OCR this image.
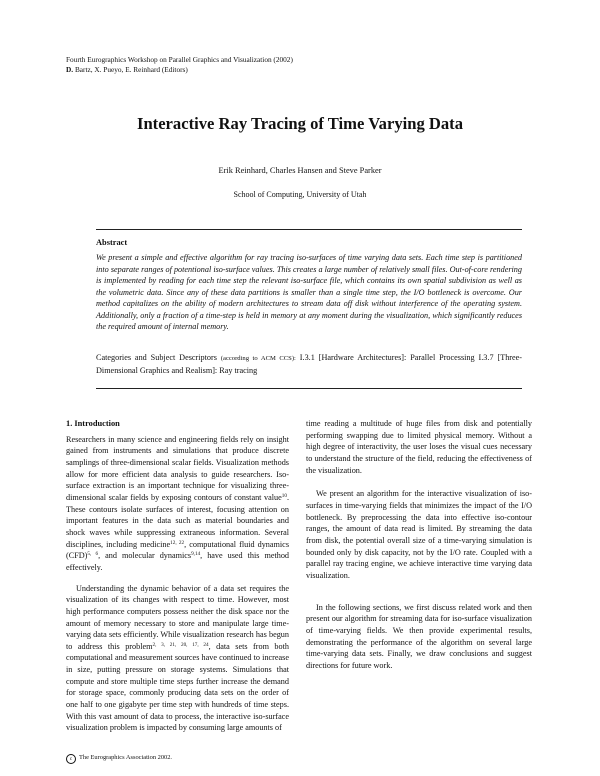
Fourth Eurographics Workshop on Parallel Graphics and Visualization (2002)
D. Bartz, X. Pueyo, E. Reinhard (Editors)
Interactive Ray Tracing of Time Varying Data
Erik Reinhard, Charles Hansen and Steve Parker
School of Computing, University of Utah
Abstract
We present a simple and effective algorithm for ray tracing iso-surfaces of time varying data sets. Each time step is partitioned into separate ranges of potentional iso-surface values. This creates a large number of relatively small files. Out-of-core rendering is implemented by reading for each time step the relevant iso-surface file, which contains its own spatial subdivision as well as the volumetric data. Since any of these data partitions is smaller than a single time step, the I/O bottleneck is overcome. Our method capitalizes on the ability of modern architectures to stream data off disk without interference of the operating system. Additionally, only a fraction of a time-step is held in memory at any moment during the visualization, which significantly reduces the required amount of internal memory.
Categories and Subject Descriptors (according to ACM CCS): I.3.1 [Hardware Architectures]: Parallel Processing I.3.7 [Three-Dimensional Graphics and Realism]: Ray tracing
1. Introduction

Researchers in many science and engineering fields rely on insight gained from instruments and simulations that produce discrete samplings of three-dimensional scalar fields. Visualization methods allow for more efficient data analysis to guide researchers. Iso-surface extraction is an important technique for visualizing three-dimensional scalar fields by exposing contours of constant value$^{10}$. These contours isolate surfaces of interest, focusing attention on important features in the data such as material boundaries and shock waves while suppressing extraneous information. Several disciplines, including medicine$^{12, 22}$, computational fluid dynamics (CFD)$^{5, 6}$, and molecular dynamics$^{9,14}$, have used this method effectively.

Understanding the dynamic behavior of a data set requires the visualization of its changes with respect to time. However, most high performance computers possess neither the disk space nor the amount of memory necessary to store and manipulate large time-varying data sets efficiently. While visualization research has begun to address this problem$^{2, 3, 21, 20, 17, 24}$, data sets from both computational and measurement sources have continued to increase in size, putting pressure on storage systems. Simulations that compute and store multiple time steps further increase the demand for storage space, commonly producing data sets on the order of one half to one gigabyte per time step with hundreds of time steps. With this vast amount of data to process, the interactive iso-surface visualization problem is impacted by consuming large amounts of

time reading a multitude of huge files from disk and potentially performing swapping due to limited physical memory. Without a high degree of interactivity, the user loses the visual cues necessary to understand the structure of the field, reducing the effectiveness of the visualization.

We present an algorithm for the interactive visualization of iso-surfaces in time-varying fields that minimizes the impact of the I/O bottleneck. By preprocessing the data into effective iso-contour ranges, the amount of data read is limited. By streaming the data from disk, the potential overall size of a time-varying simulation is bounded only by disk capacity, not by the I/O rate. Coupled with a parallel ray tracing engine, we achieve interactive time varying data visualization.

In the following sections, we first discuss related work and then present our algorithm for streaming data for iso-surface visualization of time-varying fields. We then provide experimental results, demonstrating the performance of the algorithm on several large time-varying data sets. Finally, we draw conclusions and suggest directions for future work.

c The Eurographics Association 2002.
